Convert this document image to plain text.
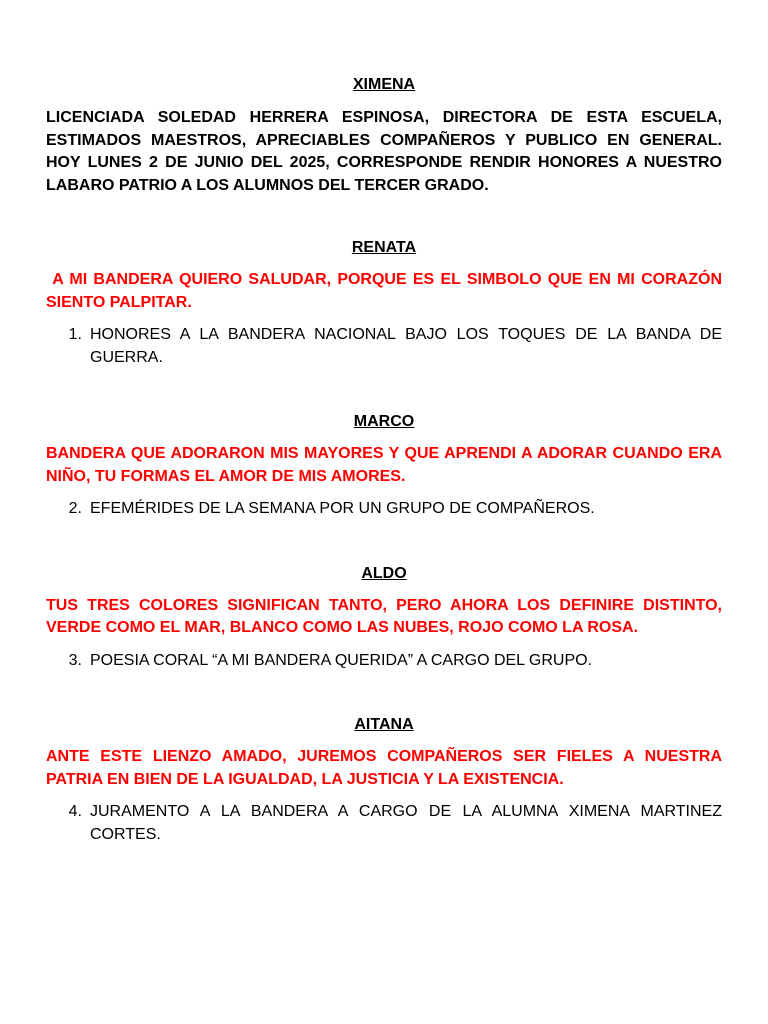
XIMENA

LICENCIADA SOLEDAD HERRERA ESPINOSA, DIRECTORA DE ESTA ESCUELA, ESTIMADOS MAESTROS, APRECIABLES COMPAÑEROS Y PUBLICO EN GENERAL. HOY LUNES 2 DE JUNIO DEL 2025, CORRESPONDE RENDIR HONORES A NUESTRO LABARO PATRIO A LOS ALUMNOS DEL TERCER GRADO.

RENATA

A MI BANDERA QUIERO SALUDAR, PORQUE ES EL SIMBOLO QUE EN MI CORAZÓN SIENTO PALPITAR.

1. HONORES A LA BANDERA NACIONAL BAJO LOS TOQUES DE LA BANDA DE GUERRA.

MARCO

BANDERA QUE ADORARON MIS MAYORES Y QUE APRENDI A ADORAR CUANDO ERA NIÑO, TU FORMAS EL AMOR DE MIS AMORES.

2. EFEMÉRIDES DE LA SEMANA POR UN GRUPO DE COMPAÑEROS.

ALDO

TUS TRES COLORES SIGNIFICAN TANTO, PERO AHORA LOS DEFINIRE DISTINTO, VERDE COMO EL MAR, BLANCO COMO LAS NUBES, ROJO COMO LA ROSA.

3. POESIA CORAL “A MI BANDERA QUERIDA” A CARGO DEL GRUPO.

AITANA

ANTE ESTE LIENZO AMADO, JUREMOS COMPAÑEROS SER FIELES A NUESTRA PATRIA EN BIEN DE LA IGUALDAD, LA JUSTICIA Y LA EXISTENCIA.

4. JURAMENTO A LA BANDERA A CARGO DE LA ALUMNA XIMENA MARTINEZ CORTES.
